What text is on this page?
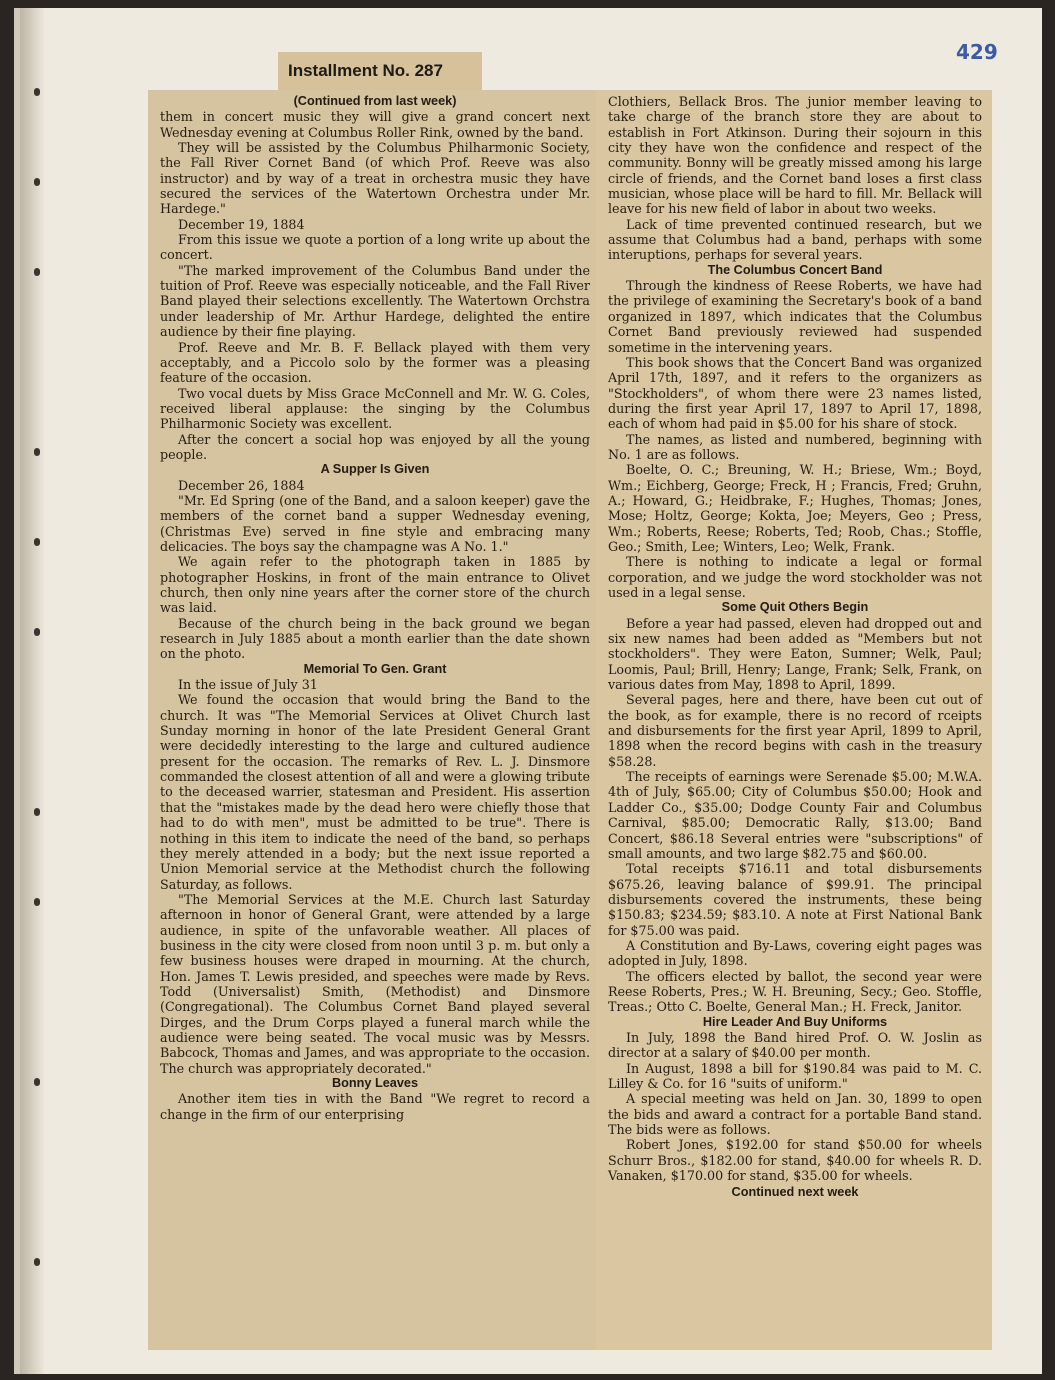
429
Installment No. 287
(Continued from last week)

them in concert music they will give a grand concert next Wednesday evening at Columbus Roller Rink, owned by the band.

They will be assisted by the Columbus Philharmonic Society, the Fall River Cornet Band (of which Prof. Reeve was also instructor) and by way of a treat in orchestra music they have secured the services of the Watertown Orchestra under Mr. Hardege."

December 19, 1884

From this issue we quote a portion of a long write up about the concert.

"The marked improvement of the Columbus Band under the tuition of Prof. Reeve was especially noticeable, and the Fall River Band played their selections excellently. The Watertown Orchstra under leadership of Mr. Arthur Hardege, delighted the entire audience by their fine playing.

Prof. Reeve and Mr. B. F. Bellack played with them very acceptably, and a Piccolo solo by the former was a pleasing feature of the occasion.

Two vocal duets by Miss Grace McConnell and Mr. W. G. Coles, received liberal applause: the singing by the Columbus Philharmonic Society was excellent.

After the concert a social hop was enjoyed by all the young people.

A Supper Is Given

December 26, 1884

"Mr. Ed Spring (one of the Band, and a saloon keeper) gave the members of the cornet band a supper Wednesday evening, (Christmas Eve) served in fine style and embracing many delicacies. The boys say the champagne was A No. 1."

We again refer to the photograph taken in 1885 by photographer Hoskins, in front of the main entrance to Olivet church, then only nine years after the corner store of the church was laid.

Because of the church being in the back ground we began research in July 1885 about a month earlier than the date shown on the photo.

Memorial To Gen. Grant

In the issue of July 31

We found the occasion that would bring the Band to the church. It was "The Memorial Services at Olivet Church last Sunday morning in honor of the late President General Grant were decidedly interesting to the large and cultured audience present for the occasion. The remarks of Rev. L. J. Dinsmore commanded the closest attention of all and were a glowing tribute to the deceased warrier, statesman and President. His assertion that the "mistakes made by the dead hero were chiefly those that had to do with men", must be admitted to be true". There is nothing in this item to indicate the need of the band, so perhaps they merely attended in a body; but the next issue reported a Union Memorial service at the Methodist church the following Saturday, as follows.

"The Memorial Services at the M.E. Church last Saturday afternoon in honor of General Grant, were attended by a large audience, in spite of the unfavorable weather. All places of business in the city were closed from noon until 3 p. m. but only a few business houses were draped in mourning. At the church, Hon. James T. Lewis presided, and speeches were made by Revs. Todd (Universalist) Smith, (Methodist) and Dinsmore (Congregational). The Columbus Cornet Band played several Dirges, and the Drum Corps played a funeral march while the audience were being seated. The vocal music was by Messrs. Babcock, Thomas and James, and was appropriate to the occasion. The church was appropriately decorated."

Bonny Leaves

Another item ties in with the Band "We regret to record a change in the firm of our enterprising

Clothiers, Bellack Bros. The junior member leaving to take charge of the branch store they are about to establish in Fort Atkinson. During their sojourn in this city they have won the confidence and respect of the community. Bonny will be greatly missed among his large circle of friends, and the Cornet band loses a first class musician, whose place will be hard to fill. Mr. Bellack will leave for his new field of labor in about two weeks.

Lack of time prevented continued research, but we assume that Columbus had a band, perhaps with some interuptions, perhaps for several years.

The Columbus Concert Band

Through the kindness of Reese Roberts, we have had the privilege of examining the Secretary's book of a band organized in 1897, which indicates that the Columbus Cornet Band previously reviewed had suspended sometime in the intervening years.

This book shows that the Concert Band was organized April 17th, 1897, and it refers to the organizers as "Stockholders", of whom there were 23 names listed, during the first year April 17, 1897 to April 17, 1898, each of whom had paid in $5.00 for his share of stock.

The names, as listed and numbered, beginning with No. 1 are as follows.

Boelte, O. C.; Breuning, W. H.; Briese, Wm.; Boyd, Wm.; Eichberg, George; Freck, H ; Francis, Fred; Gruhn, A.; Howard, G.; Heidbrake, F.; Hughes, Thomas; Jones, Mose; Holtz, George; Kokta, Joe; Meyers, Geo ; Press, Wm.; Roberts, Reese; Roberts, Ted; Roob, Chas.; Stoffle, Geo.; Smith, Lee; Winters, Leo; Welk, Frank.

There is nothing to indicate a legal or formal corporation, and we judge the word stockholder was not used in a legal sense.

Some Quit Others Begin

Before a year had passed, eleven had dropped out and six new names had been added as "Members but not stockholders". They were Eaton, Sumner; Welk, Paul; Loomis, Paul; Brill, Henry; Lange, Frank; Selk, Frank, on various dates from May, 1898 to April, 1899.

Several pages, here and there, have been cut out of the book, as for example, there is no record of rceipts and disbursements for the first year April, 1899 to April, 1898 when the record begins with cash in the treasury $58.28.

The receipts of earnings were Serenade $5.00; M.W.A. 4th of July, $65.00; City of Columbus $50.00; Hook and Ladder Co., $35.00; Dodge County Fair and Columbus Carnival, $85.00; Democratic Rally, $13.00; Band Concert, $86.18 Several entries were "subscriptions" of small amounts, and two large $82.75 and $60.00.

Total receipts $716.11 and total disbursements $675.26, leaving balance of $99.91. The principal disbursements covered the instruments, these being $150.83; $234.59; $83.10. A note at First National Bank for $75.00 was paid.

A Constitution and By-Laws, covering eight pages was adopted in July, 1898.

The officers elected by ballot, the second year were Reese Roberts, Pres.; W. H. Breuning, Secy.; Geo. Stoffle, Treas.; Otto C. Boelte, General Man.; H. Freck, Janitor.

Hire Leader And Buy Uniforms

In July, 1898 the Band hired Prof. O. W. Joslin as director at a salary of $40.00 per month.

In August, 1898 a bill for $190.84 was paid to M. C. Lilley & Co. for 16 "suits of uniform."

A special meeting was held on Jan. 30, 1899 to open the bids and award a contract for a portable Band stand. The bids were as follows.

Robert Jones, $192.00 for stand $50.00 for wheels Schurr Bros., $182.00 for stand, $40.00 for wheels R. D. Vanaken, $170.00 for stand, $35.00 for wheels.

Continued next week
